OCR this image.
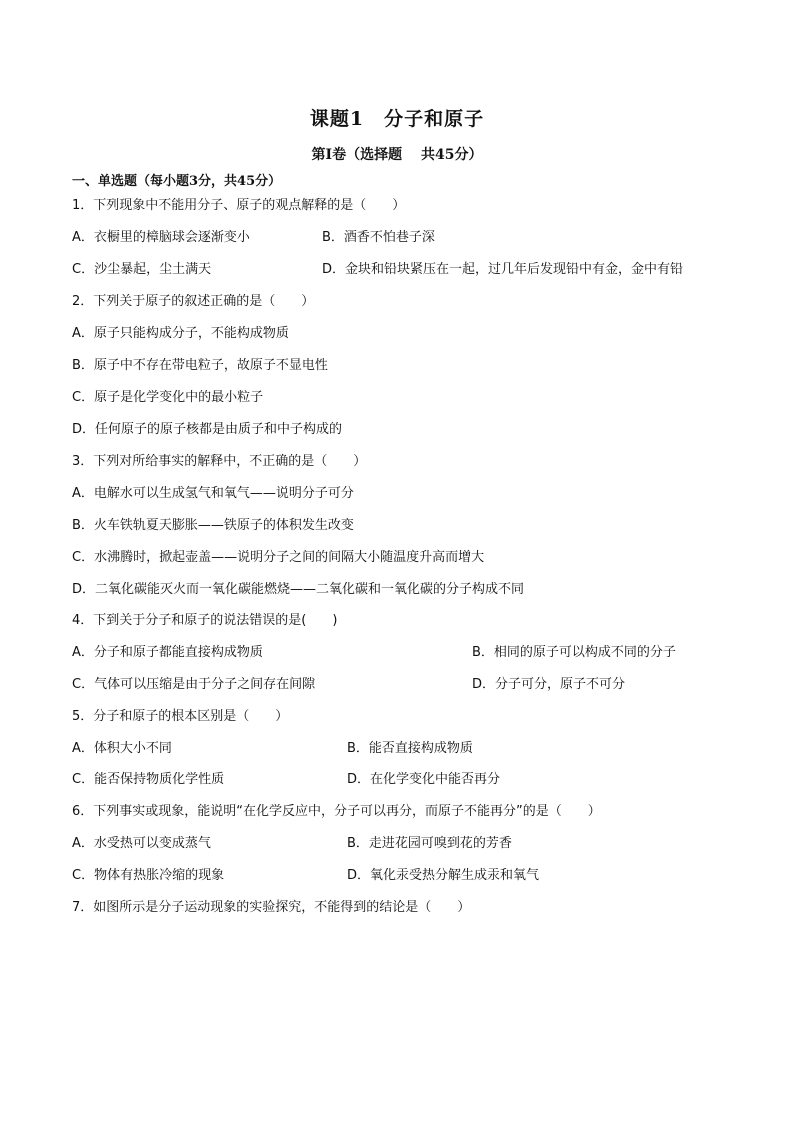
课题1　分子和原子
第I卷（选择题　 共45分）
一、单选题（每小题3分，共45分）
1．下列现象中不能用分子、原子的观点解释的是（　　）
A．衣橱里的樟脑球会逐渐变小	B．酒香不怕巷子深
C．沙尘暴起，尘土满天	D．金块和铅块紧压在一起，过几年后发现铅中有金，金中有铅
2．下列关于原子的叙述正确的是（　　）
A．原子只能构成分子，不能构成物质
B．原子中不存在带电粒子，故原子不显电性
C．原子是化学变化中的最小粒子
D．任何原子的原子核都是由质子和中子构成的
3．下列对所给事实的解释中，不正确的是（　　）
A．电解水可以生成氢气和氧气——说明分子可分
B．火车铁轨夏天膨胀——铁原子的体积发生改变
C．水沸腾时，掀起壶盖——说明分子之间的间隔大小随温度升高而增大
D．二氧化碳能灭火而一氧化碳能燃烧——二氧化碳和一氧化碳的分子构成不同
4．下到关于分子和原子的说法错误的是(　　)
A．分子和原子都能直接构成物质	B．相同的原子可以构成不同的分子
C．气体可以压缩是由于分子之间存在间隙	D．分子可分，原子不可分
5．分子和原子的根本区别是（　　）
A．体积大小不同	B．能否直接构成物质
C．能否保持物质化学性质	D．在化学变化中能否再分
6．下列事实或现象，能说明“在化学反应中，分子可以再分，而原子不能再分”的是（　　）
A．水受热可以变成蒸气	B．走进花园可嗅到花的芳香
C．物体有热胀冷缩的现象	D．氧化汞受热分解生成汞和氧气
7．如图所示是分子运动现象的实验探究，不能得到的结论是（　　）
